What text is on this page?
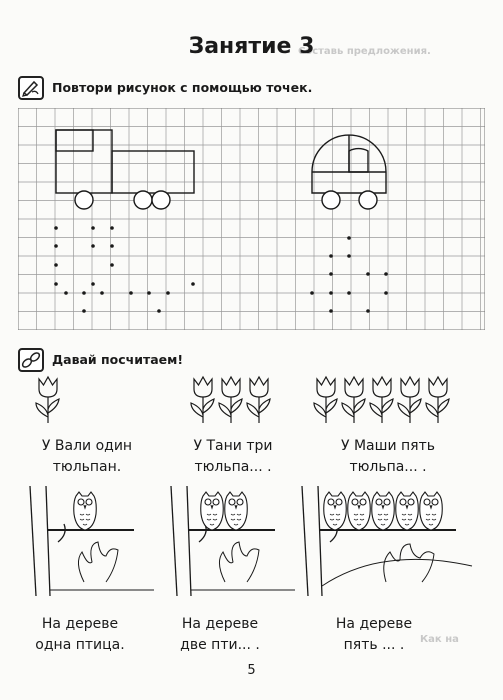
Составь предложения.
Как на
Занятие 3
Повтори рисунок с помощью точек.
Давай посчитаем!
У Вали один
тюльпан.
У Тани три
тюльпа... .
У Маши пять
тюльпа... .
На дереве
одна птица.
На дереве
две пти... .
На дереве
пять ... .
5
